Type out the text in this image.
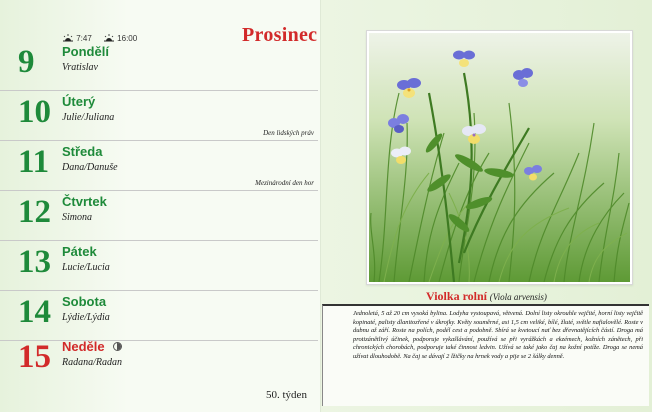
7:47	16:00	Prosinec
9 Pondělí
Vratislav
10 Úterý
Julie/Juliana
Den lidských práv
11 Středa
Dana/Danuše
Mezinárodní den hor
12 Čtvrtek
Simona
13 Pátek
Lucie/Lucia
14 Sobota
Lýdie/Lýdia
15 Neděle
Radana/Radan
50. týden
Violka rolní (Viola arvensis)

Jednoletá, 5 až 20 cm vysoká bylina. Lodyha vystoupavá, větvená. Dolní listy okrouhle vejčité, horní listy vejčitě kopinaté, palisty dlanitozřené v úkrojky. Květy souměrné, asi 1,5 cm veliké, bílé, žluté, světle nafialovělé. Roste v dubnu až září. Roste na polích, podél cest a podobně. Sbírá se kvetoucí nať bez dřevnatějících částí. Droga má protizánětlivý účinek, podporuje vykašlávání, používá se při vyrážkách a ekzémech, kožních zánětech, při chronických chorobách, podporuje také činnost ledvin. Užívá se také jako čaj na kožní potíže. Droga se nemá užívat dlouhodobě. Na čaj se dávají 2 lžičky na hrnek vody a pije se 2 šálky denně.
